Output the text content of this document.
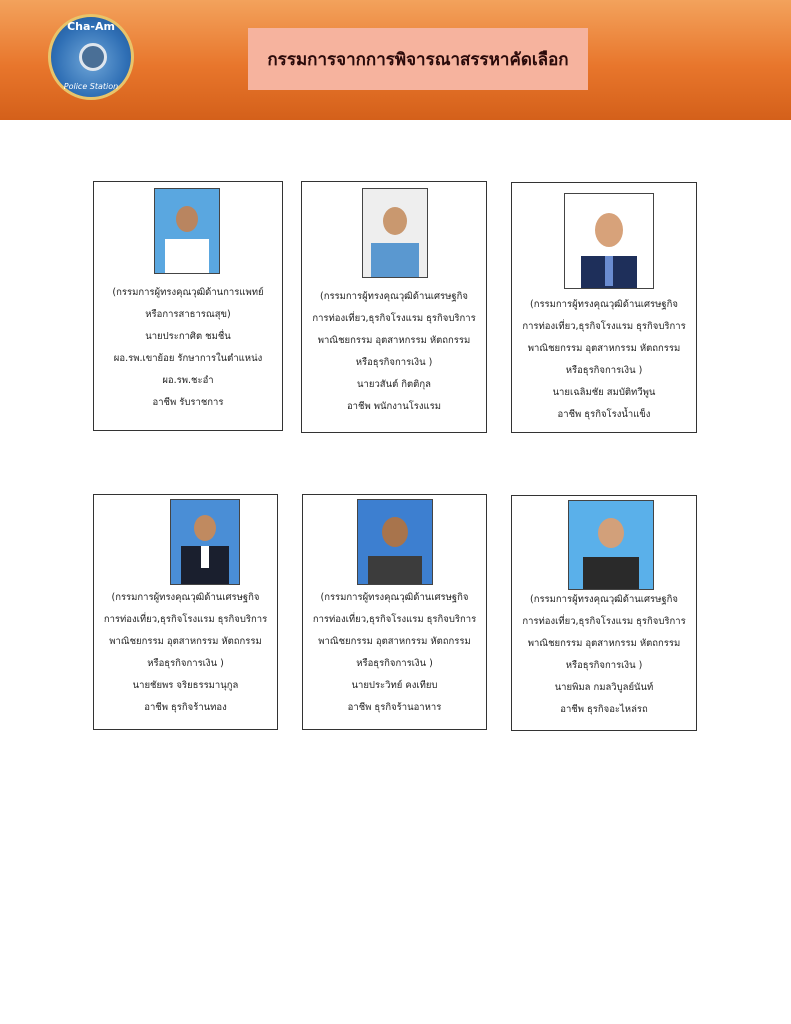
Cha-Am
Police Station
กรรมการจากการพิจารณาสรรหาคัดเลือก
(กรรมการผู้ทรงคุณวุฒิด้านการแพทย์
หรือการสาธารณสุข)
นายประกาศิต ชมชื่น
ผอ.รพ.เขาย้อย รักษาการในตำแหน่ง
ผอ.รพ.ชะอำ
อาชีพ รับราชการ
(กรรมการผู้ทรงคุณวุฒิด้านเศรษฐกิจ
การท่องเที่ยว,ธุรกิจโรงแรม ธุรกิจบริการ
พาณิชยกรรม อุตสาหกรรม หัตถกรรม
หรือธุรกิจการเงิน )
นายวสันต์ กิตติกุล
อาชีพ พนักงานโรงแรม
(กรรมการผู้ทรงคุณวุฒิด้านเศรษฐกิจ
การท่องเที่ยว,ธุรกิจโรงแรม ธุรกิจบริการ
พาณิชยกรรม อุตสาหกรรม หัตถกรรม
หรือธุรกิจการเงิน )
นายเฉลิมชัย สมบัติทวีพูน
อาชีพ ธุรกิจโรงน้ำแข็ง
(กรรมการผู้ทรงคุณวุฒิด้านเศรษฐกิจ
การท่องเที่ยว,ธุรกิจโรงแรม ธุรกิจบริการ
พาณิชยกรรม อุตสาหกรรม หัตถกรรม
หรือธุรกิจการเงิน )
นายชัยพร จริยธรรมานุกูล
อาชีพ ธุรกิจร้านทอง
(กรรมการผู้ทรงคุณวุฒิด้านเศรษฐกิจ
การท่องเที่ยว,ธุรกิจโรงแรม ธุรกิจบริการ
พาณิชยกรรม อุตสาหกรรม หัตถกรรม
หรือธุรกิจการเงิน )
นายประวิทย์ คงเทียบ
อาชีพ ธุรกิจร้านอาหาร
(กรรมการผู้ทรงคุณวุฒิด้านเศรษฐกิจ
การท่องเที่ยว,ธุรกิจโรงแรม ธุรกิจบริการ
พาณิชยกรรม อุตสาหกรรม หัตถกรรม
หรือธุรกิจการเงิน )
นายพิมล กมลวิบูลย์นันท์
อาชีพ ธุรกิจอะไหล่รถ
